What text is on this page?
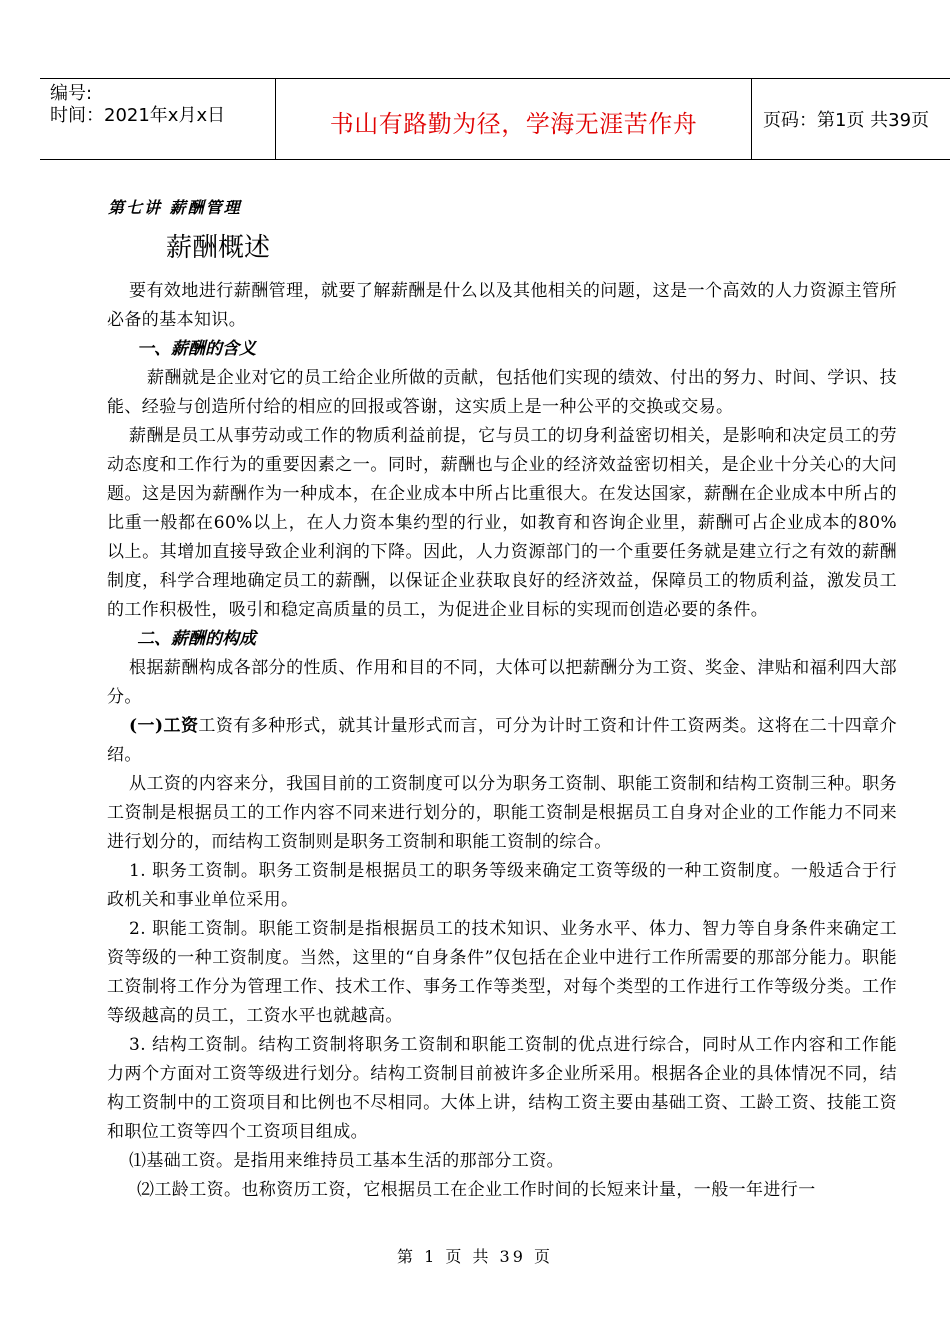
编号:
时间：2021年x月x日	书山有路勤为径，学海无涯苦作舟	页码：第1页 共39页
第七讲 薪酬管理
薪酬概述

要有效地进行薪酬管理，就要了解薪酬是什么以及其他相关的问题，这是一个高效的人力资源主管所必备的基本知识。

一、薪酬的含义

薪酬就是企业对它的员工给企业所做的贡献，包括他们实现的绩效、付出的努力、时间、学识、技能、经验与创造所付给的相应的回报或答谢，这实质上是一种公平的交换或交易。

薪酬是员工从事劳动或工作的物质利益前提，它与员工的切身利益密切相关，是影响和决定员工的劳动态度和工作行为的重要因素之一。同时，薪酬也与企业的经济效益密切相关，是企业十分关心的大问题。这是因为薪酬作为一种成本，在企业成本中所占比重很大。在发达国家，薪酬在企业成本中所占的比重一般都在60%以上，在人力资本集约型的行业，如教育和咨询企业里，薪酬可占企业成本的80%以上。其增加直接导致企业利润的下降。因此，人力资源部门的一个重要任务就是建立行之有效的薪酬制度，科学合理地确定员工的薪酬，以保证企业获取良好的经济效益，保障员工的物质利益，激发员工的工作积极性，吸引和稳定高质量的员工，为促进企业目标的实现而创造必要的条件。

二、薪酬的构成

根据薪酬构成各部分的性质、作用和目的不同，大体可以把薪酬分为工资、奖金、津贴和福利四大部分。

(一)工资工资有多种形式，就其计量形式而言，可分为计时工资和计件工资两类。这将在二十四章介绍。

从工资的内容来分，我国目前的工资制度可以分为职务工资制、职能工资制和结构工资制三种。职务工资制是根据员工的工作内容不同来进行划分的，职能工资制是根据员工自身对企业的工作能力不同来进行划分的，而结构工资制则是职务工资制和职能工资制的综合。

1. 职务工资制。职务工资制是根据员工的职务等级来确定工资等级的一种工资制度。一般适合于行政机关和事业单位采用。

2. 职能工资制。职能工资制是指根据员工的技术知识、业务水平、体力、智力等自身条件来确定工资等级的一种工资制度。当然，这里的“自身条件”仅包括在企业中进行工作所需要的那部分能力。职能工资制将工作分为管理工作、技术工作、事务工作等类型，对每个类型的工作进行工作等级分类。工作等级越高的员工，工资水平也就越高。

3. 结构工资制。结构工资制将职务工资制和职能工资制的优点进行综合，同时从工作内容和工作能力两个方面对工资等级进行划分。结构工资制目前被许多企业所采用。根据各企业的具体情况不同，结构工资制中的工资项目和比例也不尽相同。大体上讲，结构工资主要由基础工资、工龄工资、技能工资和职位工资等四个工资项目组成。

⑴基础工资。是指用来维持员工基本生活的那部分工资。

⑵工龄工资。也称资历工资，它根据员工在企业工作时间的长短来计量，一般一年进行一

第 1 页 共 39 页
